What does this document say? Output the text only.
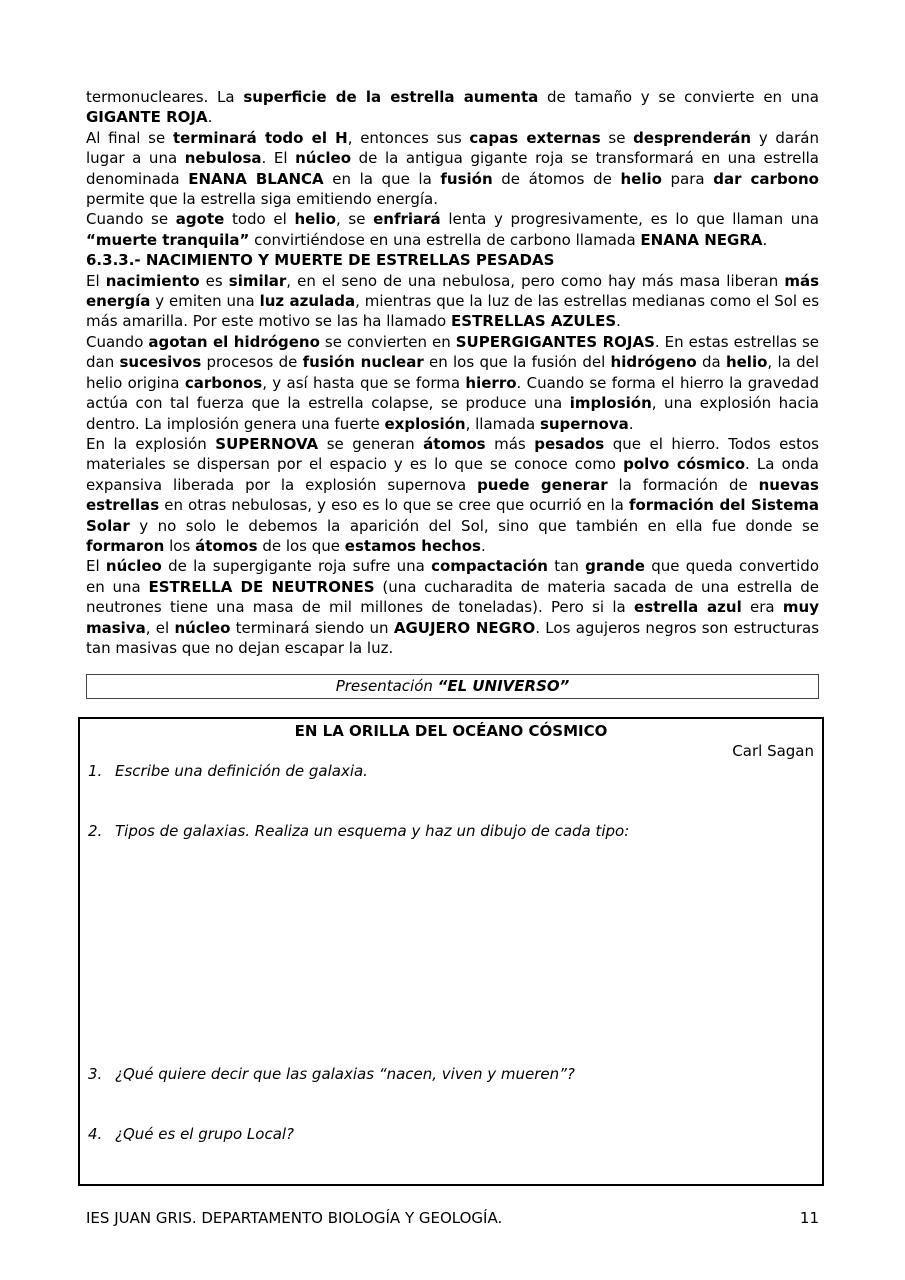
termonucleares. La superficie de la estrella aumenta de tamaño y se convierte en una GIGANTE ROJA.

Al final se terminará todo el H, entonces sus capas externas se desprenderán y darán lugar a una nebulosa. El núcleo de la antigua gigante roja se transformará en una estrella denominada ENANA BLANCA en la que la fusión de átomos de helio para dar carbono permite que la estrella siga emitiendo energía.

Cuando se agote todo el helio, se enfriará lenta y progresivamente, es lo que llaman una “muerte tranquila” convirtiéndose en una estrella de carbono llamada ENANA NEGRA.

6.3.3.- NACIMIENTO Y MUERTE DE ESTRELLAS PESADAS

El nacimiento es similar, en el seno de una nebulosa, pero como hay más masa liberan más energía y emiten una luz azulada, mientras que la luz de las estrellas medianas como el Sol es más amarilla. Por este motivo se las ha llamado ESTRELLAS AZULES.

Cuando agotan el hidrógeno se convierten en SUPERGIGANTES ROJAS. En estas estrellas se dan sucesivos procesos de fusión nuclear en los que la fusión del hidrógeno da helio, la del helio origina carbonos, y así hasta que se forma hierro. Cuando se forma el hierro la gravedad actúa con tal fuerza que la estrella colapse, se produce una implosión, una explosión hacia dentro. La implosión genera una fuerte explosión, llamada supernova.

En la explosión SUPERNOVA se generan átomos más pesados que el hierro. Todos estos materiales se dispersan por el espacio y es lo que se conoce como polvo cósmico. La onda expansiva liberada por la explosión supernova puede generar la formación de nuevas estrellas en otras nebulosas, y eso es lo que se cree que ocurrió en la formación del Sistema Solar y no solo le debemos la aparición del Sol, sino que también en ella fue donde se formaron los átomos de los que estamos hechos.

El núcleo de la supergigante roja sufre una compactación tan grande que queda convertido en una ESTRELLA DE NEUTRONES (una cucharadita de materia sacada de una estrella de neutrones tiene una masa de mil millones de toneladas). Pero si la estrella azul era muy masiva, el núcleo terminará siendo un AGUJERO NEGRO. Los agujeros negros son estructuras tan masivas que no dejan escapar la luz.

Presentación “EL UNIVERSO”
EN LA ORILLA DEL OCÉANO CÓSMICO
Carl Sagan
1. Escribe una definición de galaxia.
2. Tipos de galaxias. Realiza un esquema y haz un dibujo de cada tipo:
3. ¿Qué quiere decir que las galaxias “nacen, viven y mueren”?
4. ¿Qué es el grupo Local?
IES JUAN GRIS. DEPARTAMENTO BIOLOGÍA Y GEOLOGÍA.	11
